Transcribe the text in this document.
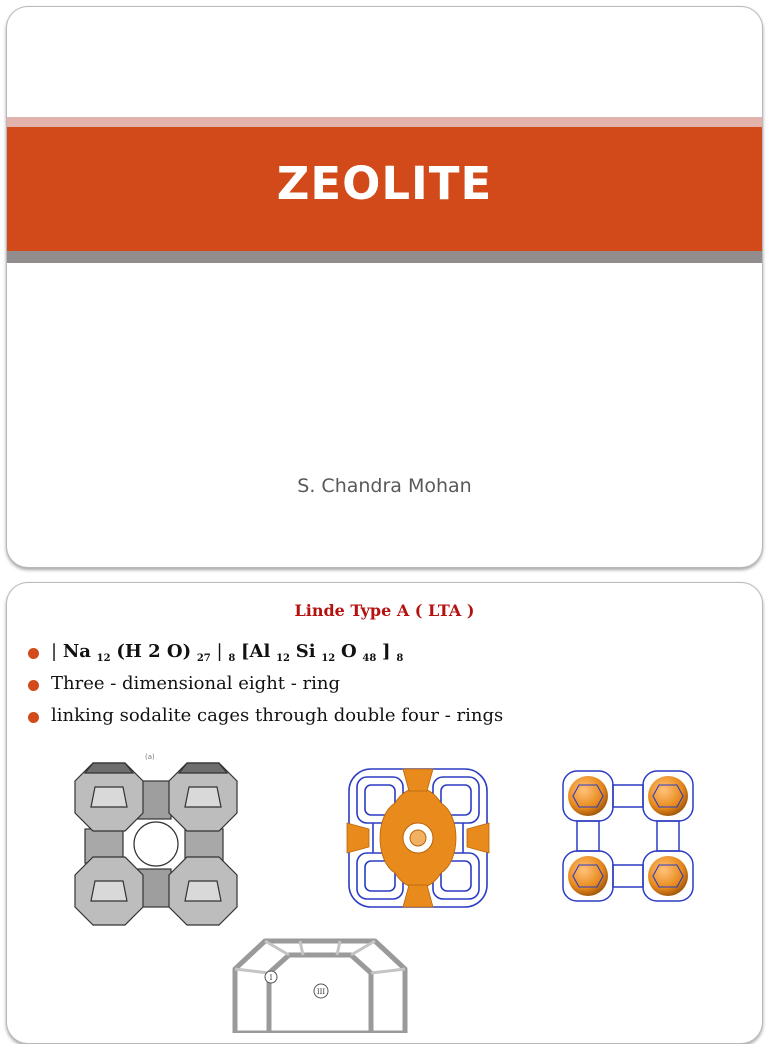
ZEOLITE
S. Chandra Mohan
Linde Type A ( LTA )
| Na $_{12}$ (H 2 O) $_{27}$ | $_8$ [Al $_{12}$ Si $_{12}$ O $_{48}$ ] $_8$
Three - dimensional eight - ring
linking sodalite cages through double four - rings
(a)
I
III
